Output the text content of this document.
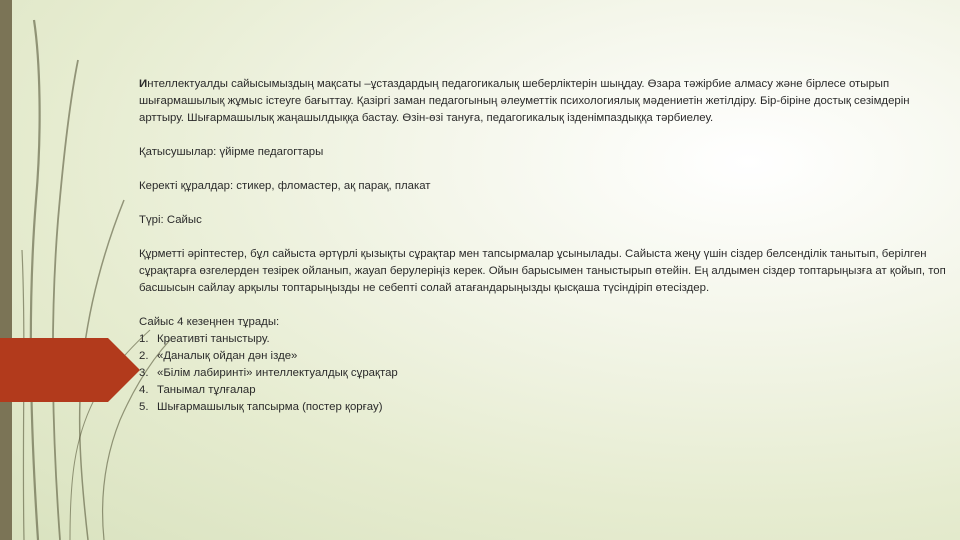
Интеллектуалды сайысымыздың мақсаты –ұстаздардың педагогикалық шеберліктерін шыңдау. Өзара тәжірбие алмасу және бірлесе отырып шығармашылық жұмыс істеуге бағыттау. Қазіргі заман педагогының әлеуметтік психологиялық мәдениетін жетілдіру. Бір-біріне достық сезімдерін арттыру. Шығармашылық жаңашылдыққа бастау. Өзін-өзі тануға, педагогикалық ізденімпаздыққа тәрбиелеу.

Қатысушылар: үйірме педагогтары

Керекті құралдар: стикер, фломастер, ақ парақ, плакат

Түрі: Сайыс

Құрметті әріптестер, бұл сайыста әртүрлі қызықты сұрақтар мен тапсырмалар ұсынылады. Сайыста жеңу үшін сіздер белсенділік танытып, берілген сұрақтарға өзгелерден тезірек ойланып, жауап берулеріңіз керек. Ойын барысымен таныстырып өтейін. Ең алдымен сіздер топтарыңызға ат қойып, топ басшысын сайлау арқылы топтарыңызды не себепті солай атағандарыңызды қысқаша түсіндіріп өтесіздер.

Сайыс 4 кезеңнен тұрады:

1. Креативті таныстыру.
2. «Даналық ойдан дән ізде»
3. «Білім лабиринті» интеллектуалдық сұрақтар
4. Танымал тұлғалар
5. Шығармашылық тапсырма (постер қорғау)
